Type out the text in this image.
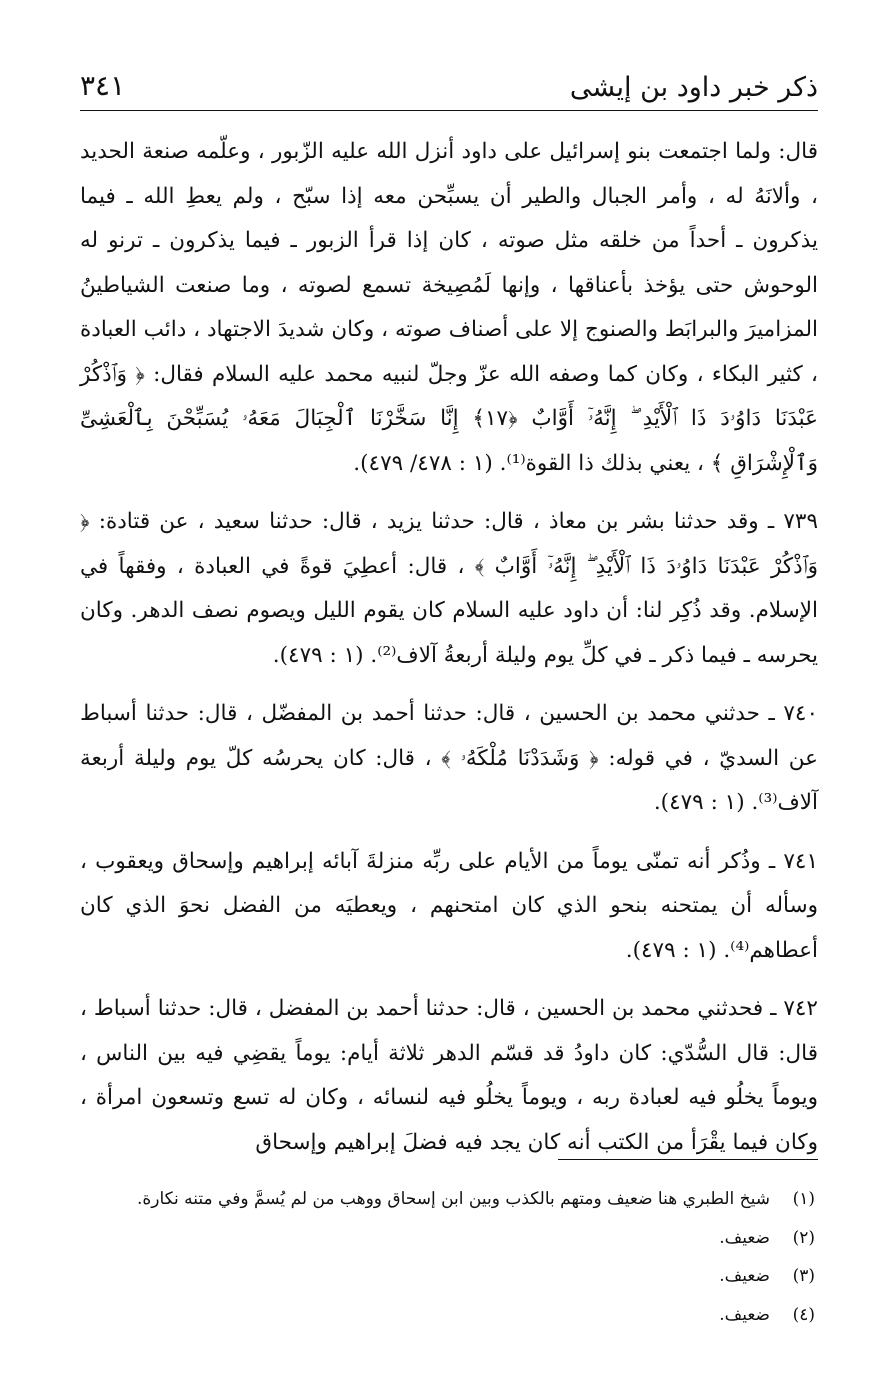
ذكر خبر داود بن إيشى
٣٤١

قال: ولما اجتمعت بنو إسرائيل على داود أنزل الله عليه الزّبور ، وعلّمه صنعة الحديد ، وألانَهُ له ، وأمر الجبال والطير أن يسبِّحن معه إذا سبّح ، ولم يعطِ الله ـ فيما يذكرون ـ أحداً من خلقه مثل صوته ، كان إذا قرأ الزبور ـ فيما يذكرون ـ ترنو له الوحوش حتى يؤخذ بأعناقها ، وإنها لَمُصِيخة تسمع لصوته ، وما صنعت الشياطينُ المزاميرَ والبرابَط والصنوج إلا على أصناف صوته ، وكان شديدَ الاجتهاد ، دائب العبادة ، كثير البكاء ، وكان كما وصفه الله عزّ وجلّ لنبيه محمد عليه السلام فقال: ﴿ وَٱذْكُرْ عَبْدَنَا دَاوُۥدَ ذَا ٱلْأَيْدِ ۖ إِنَّهُۥٓ أَوَّابٌ ﴿١٧﴾ إِنَّا سَخَّرْنَا ٱلْجِبَالَ مَعَهُۥ يُسَبِّحْنَ بِٱلْعَشِىِّ وَٱلْإِشْرَاقِ ﴾ ، يعني بذلك ذا القوة⁽¹⁾. (١ : ٤٧٨/ ٤٧٩).

٧٣٩ ـ وقد حدثنا بشر بن معاذ ، قال: حدثنا يزيد ، قال: حدثنا سعيد ، عن قتادة: ﴿ وَٱذْكُرْ عَبْدَنَا دَاوُۥدَ ذَا ٱلْأَيْدِ ۖ إِنَّهُۥٓ أَوَّابٌ ﴾ ، قال: أعطِيَ قوةً في العبادة ، وفقهاً في الإسلام. وقد ذُكِر لنا: أن داود عليه السلام كان يقوم الليل ويصوم نصف الدهر. وكان يحرسه ـ فيما ذكر ـ في كلِّ يوم وليلة أربعةُ آلاف⁽²⁾. (١ : ٤٧٩).

٧٤٠ ـ حدثني محمد بن الحسين ، قال: حدثنا أحمد بن المفضّل ، قال: حدثنا أسباط عن السديّ ، في قوله: ﴿ وَشَدَدْنَا مُلْكَهُۥ ﴾ ، قال: كان يحرسُه كلّ يوم وليلة أربعة آلاف⁽³⁾. (١ : ٤٧٩).

٧٤١ ـ وذُكر أنه تمنّى يوماً من الأيام على ربِّه منزلةَ آبائه إبراهيم وإسحاق ويعقوب ، وسأله أن يمتحنه بنحو الذي كان امتحنهم ، ويعطيَه من الفضل نحوَ الذي كان أعطاهم⁽⁴⁾. (١ : ٤٧٩).

٧٤٢ ـ فحدثني محمد بن الحسين ، قال: حدثنا أحمد بن المفضل ، قال: حدثنا أسباط ، قال: قال السُّدّي: كان داودُ قد قسّم الدهر ثلاثة أيام: يوماً يقضِي فيه بين الناس ، ويوماً يخلُو فيه لعبادة ربه ، ويوماً يخلُو فيه لنسائه ، وكان له تسع وتسعون امرأة ، وكان فيما يقْرَأ من الكتب أنه كان يجد فيه فضلَ إبراهيم وإسحاق

(١)
شيخ الطبري هنا ضعيف ومتهم بالكذب وبين ابن إسحاق ووهب من لم يُسمَّ وفي متنه نكارة.
(٢)
ضعيف.
(٣)
ضعيف.
(٤)
ضعيف.
